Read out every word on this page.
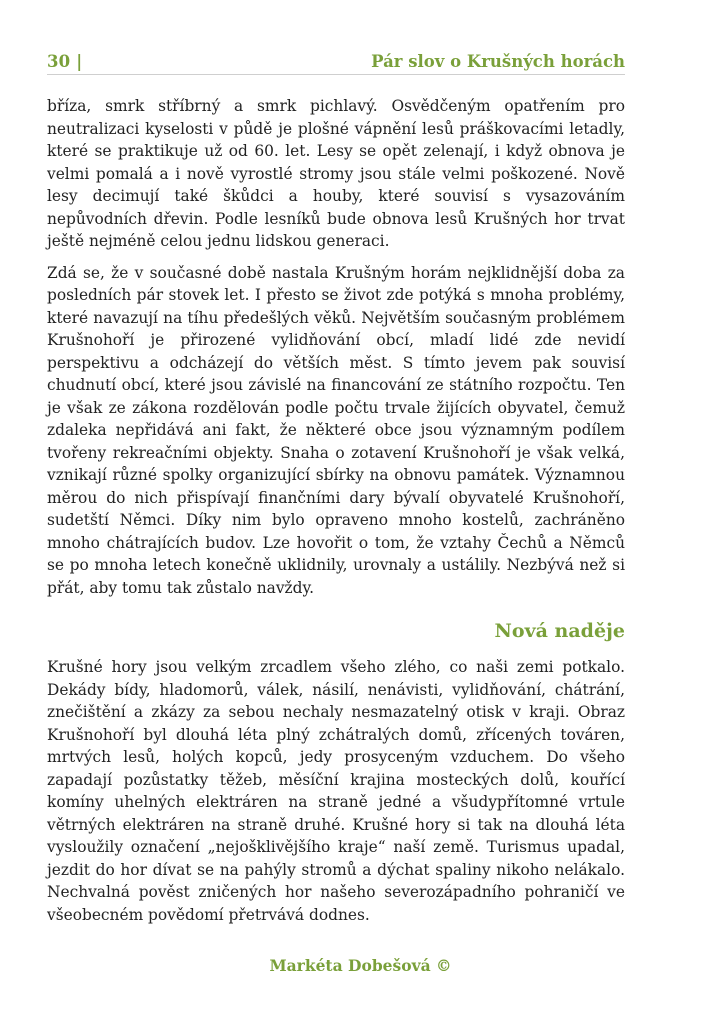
30 |	Pár slov o Krušných horách

bříza, smrk stříbrný a smrk pichlavý. Osvědčeným opatřením pro neutralizaci kyselosti v půdě je plošné vápnění lesů práškovacími letadly, které se praktikuje už od 60. let. Lesy se opět zelenají, i když obnova je velmi pomalá a i nově vyrostlé stromy jsou stále velmi poškozené. Nově lesy decimují také škůdci a houby, které souvisí s vysazováním nepůvodních dřevin. Podle lesníků bude obnova lesů Krušných hor trvat ještě nejméně celou jednu lidskou generaci.

Zdá se, že v současné době nastala Krušným horám nejklidnější doba za posledních pár stovek let. I přesto se život zde potýká s mnoha problémy, které navazují na tíhu předešlých věků. Největším současným problémem Krušnohoří je přirozené vylidňování obcí, mladí lidé zde nevidí perspektivu a odcházejí do větších měst. S tímto jevem pak souvisí chudnutí obcí, které jsou závislé na financování ze státního rozpočtu. Ten je však ze zákona rozdělován podle počtu trvale žijících obyvatel, čemuž zdaleka nepřidává ani fakt, že některé obce jsou významným podílem tvořeny rekreačními objekty. Snaha o zotavení Krušnohoří je však velká, vznikají různé spolky organizující sbírky na obnovu památek. Významnou měrou do nich přispívají finančními dary bývalí obyvatelé Krušnohoří, sudetští Němci. Díky nim bylo opraveno mnoho kostelů, zachráněno mnoho chátrajících budov. Lze hovořit o tom, že vztahy Čechů a Němců se po mnoha letech konečně uklidnily, urovnaly a ustálily. Nezbývá než si přát, aby tomu tak zůstalo navždy.

Nová naděje

Krušné hory jsou velkým zrcadlem všeho zlého, co naši zemi potkalo. Dekády bídy, hladomorů, válek, násilí, nenávisti, vylidňování, chátrání, znečištění a zkázy za sebou nechaly nesmazatelný otisk v kraji. Obraz Krušnohoří byl dlouhá léta plný zchátralých domů, zřícených továren, mrtvých lesů, holých kopců, jedy prosyceným vzduchem. Do všeho zapadají pozůstatky těžeb, měsíční krajina mosteckých dolů, kouřící komíny uhelných elektráren na straně jedné a všudypřítomné vrtule větrných elektráren na straně druhé. Krušné hory si tak na dlouhá léta vysloužily označení „nejošklivějšího kraje“ naší země. Turismus upadal, jezdit do hor dívat se na pahýly stromů a dýchat spaliny nikoho nelákalo. Nechvalná pověst zničených hor našeho severozápadního pohraničí ve všeobecném povědomí přetrvává dodnes.

Markéta Dobešová ©
